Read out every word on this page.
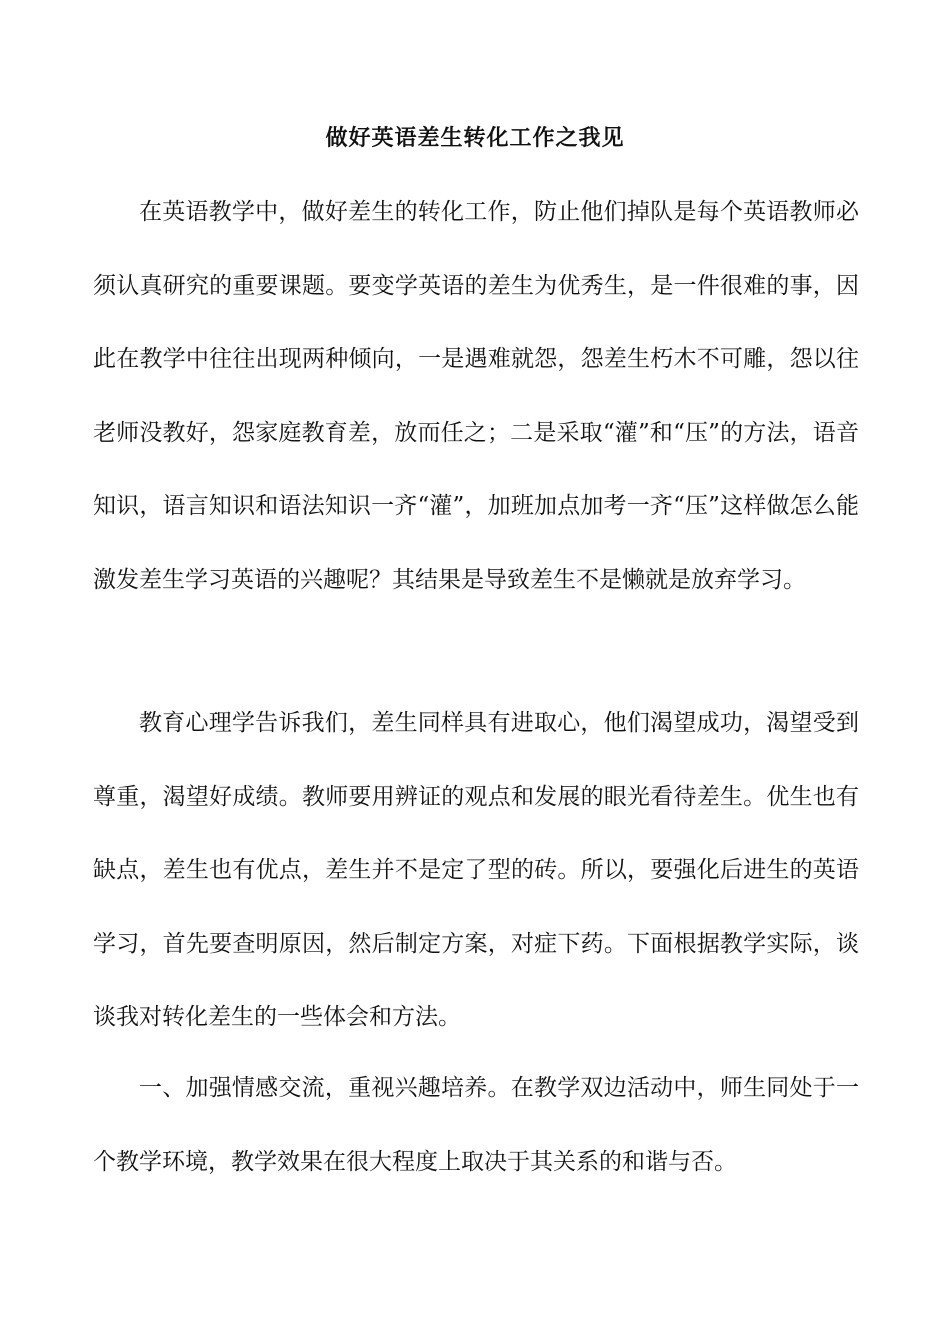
做好英语差生转化工作之我见

在英语教学中，做好差生的转化工作，防止他们掉队是每个英语教师必须认真研究的重要课题。要变学英语的差生为优秀生，是一件很难的事，因此在教学中往往出现两种倾向，一是遇难就怨，怨差生朽木不可雕，怨以往老师没教好，怨家庭教育差，放而任之；二是采取“灌”和“压”的方法，语音知识，语言知识和语法知识一齐“灌”，加班加点加考一齐“压”这样做怎么能激发差生学习英语的兴趣呢？其结果是导致差生不是懒就是放弃学习。

教育心理学告诉我们，差生同样具有进取心，他们渴望成功，渴望受到尊重，渴望好成绩。教师要用辨证的观点和发展的眼光看待差生。优生也有缺点，差生也有优点，差生并不是定了型的砖。所以，要强化后进生的英语学习，首先要查明原因，然后制定方案，对症下药。下面根据教学实际，谈谈我对转化差生的一些体会和方法。

一、加强情感交流，重视兴趣培养。在教学双边活动中，师生同处于一个教学环境，教学效果在很大程度上取决于其关系的和谐与否。
